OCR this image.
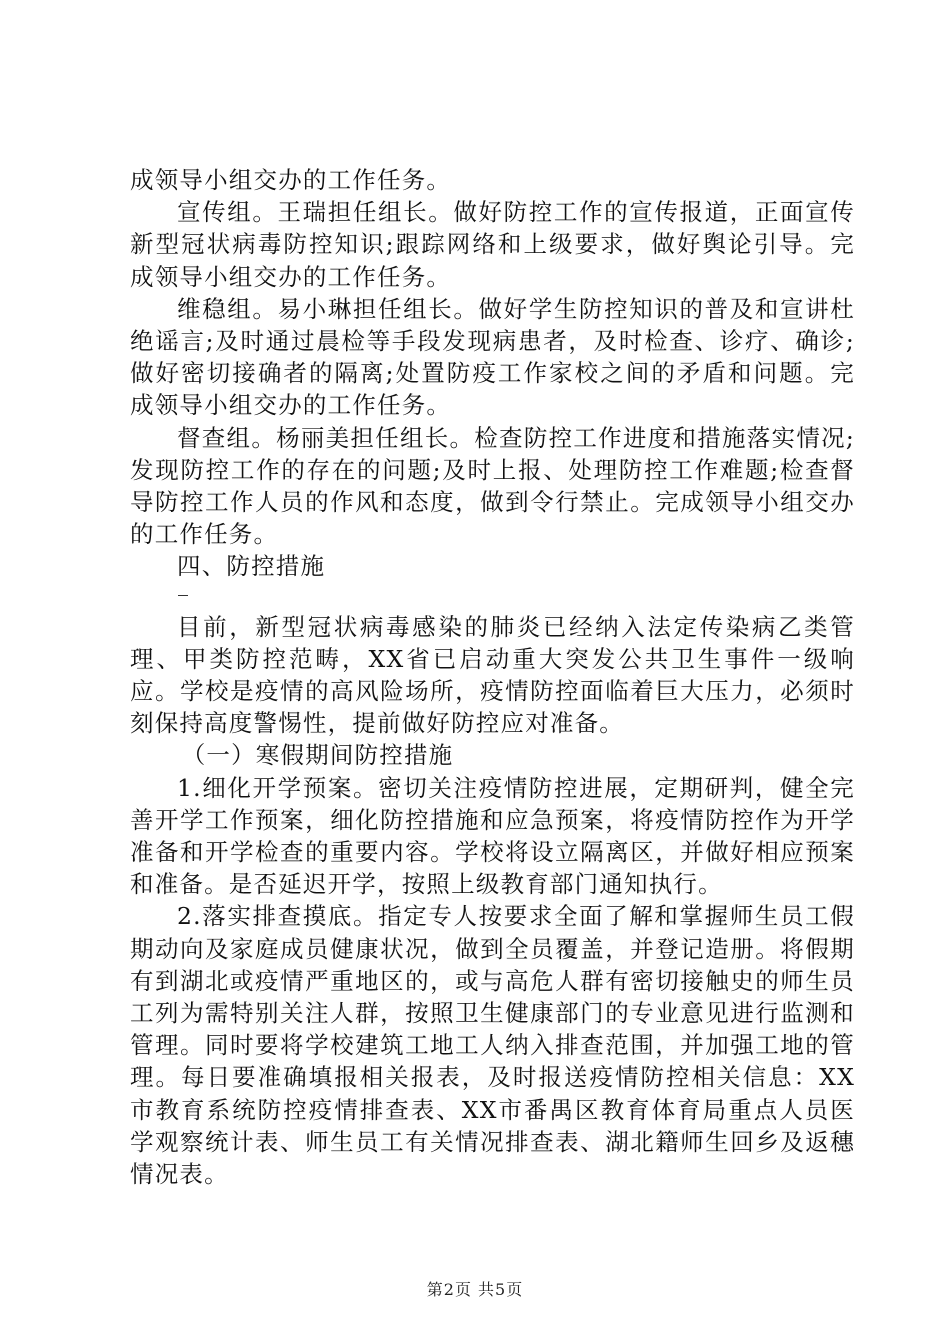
成领导小组交办的工作任务。

宣传组。王瑞担任组长。做好防控工作的宣传报道，正面宣传新型冠状病毒防控知识;跟踪网络和上级要求，做好舆论引导。完成领导小组交办的工作任务。

维稳组。易小琳担任组长。做好学生防控知识的普及和宣讲杜绝谣言;及时通过晨检等手段发现病患者，及时检查、诊疗、确诊;做好密切接确者的隔离;处置防疫工作家校之间的矛盾和问题。完成领导小组交办的工作任务。

督查组。杨丽美担任组长。检查防控工作进度和措施落实情况;发现防控工作的存在的问题;及时上报、处理防控工作难题;检查督导防控工作人员的作风和态度，做到令行禁止。完成领导小组交办的工作任务。

四、防控措施

目前，新型冠状病毒感染的肺炎已经纳入法定传染病乙类管理、甲类防控范畴，XX省已启动重大突发公共卫生事件一级响应。学校是疫情的高风险场所，疫情防控面临着巨大压力，必须时刻保持高度警惕性，提前做好防控应对准备。

（一）寒假期间防控措施

1.细化开学预案。密切关注疫情防控进展，定期研判，健全完善开学工作预案，细化防控措施和应急预案，将疫情防控作为开学准备和开学检查的重要内容。学校将设立隔离区，并做好相应预案和准备。是否延迟开学，按照上级教育部门通知执行。

2.落实排查摸底。指定专人按要求全面了解和掌握师生员工假期动向及家庭成员健康状况，做到全员覆盖，并登记造册。将假期有到湖北或疫情严重地区的，或与高危人群有密切接触史的师生员工列为需特别关注人群，按照卫生健康部门的专业意见进行监测和管理。同时要将学校建筑工地工人纳入排查范围，并加强工地的管理。每日要准确填报相关报表，及时报送疫情防控相关信息：XX市教育系统防控疫情排查表、XX市番禺区教育体育局重点人员医学观察统计表、师生员工有关情况排查表、湖北籍师生回乡及返穗情况表。

第2页 共5页
